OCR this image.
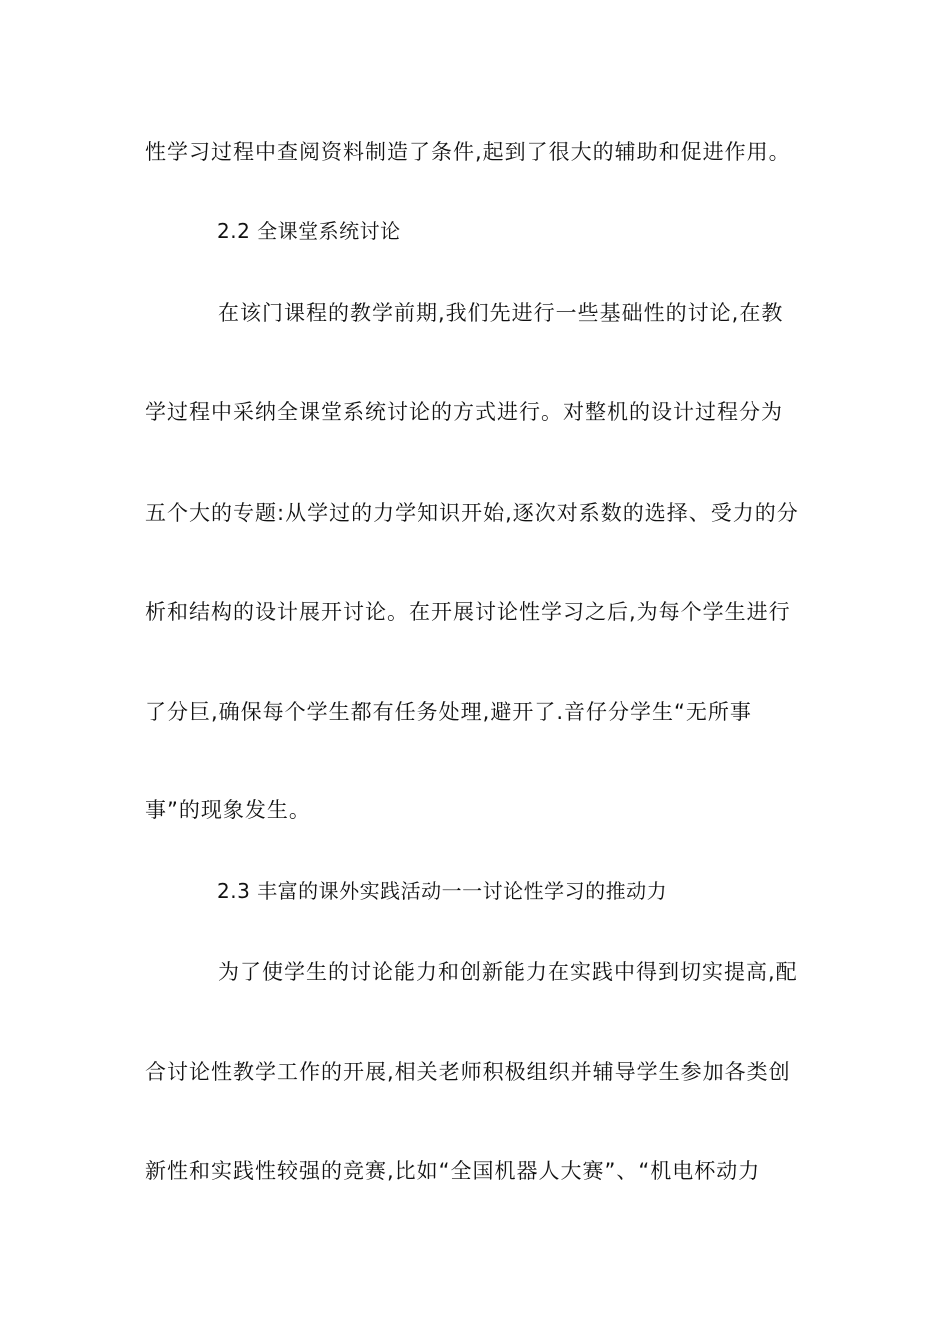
性学习过程中查阅资料制造了条件,起到了很大的辅助和促进作用。
2.2 全课堂系统讨论
在该门课程的教学前期,我们先进行一些基础性的讨论,在教
学过程中采纳全课堂系统讨论的方式进行。对整机的设计过程分为
五个大的专题:从学过的力学知识开始,逐次对系数的选择、受力的分
析和结构的设计展开讨论。在开展讨论性学习之后,为每个学生进行
了分巨,确保每个学生都有任务处理,避开了.音仔分学生“无所事
事”的现象发生。
2.3 丰富的课外实践活动一一讨论性学习的推动力
为了使学生的讨论能力和创新能力在实践中得到切实提高,配
合讨论性教学工作的开展,相关老师积极组织并辅导学生参加各类创
新性和实践性较强的竞赛,比如“全国机器人大赛”、“机电杯动力
